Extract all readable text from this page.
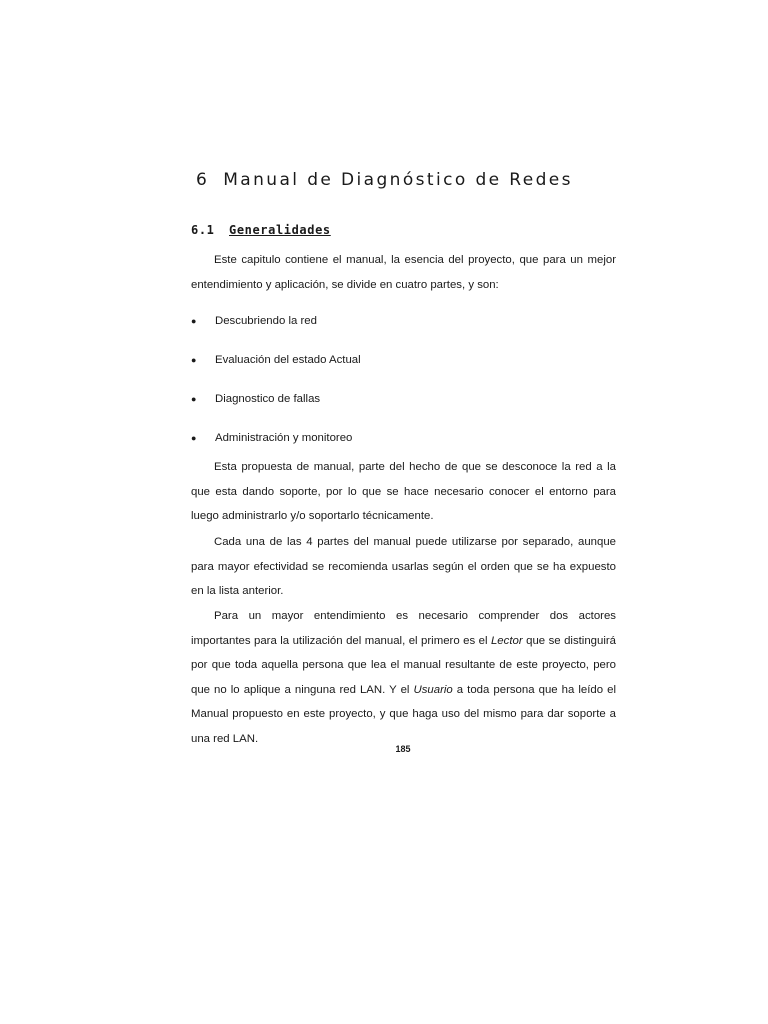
6 Manual de Diagnóstico de Redes
6.1 Generalidades

Este capitulo contiene el manual, la esencia del proyecto, que para un mejor entendimiento y aplicación, se divide en cuatro partes, y son:

● Descubriendo la red
● Evaluación del estado Actual
● Diagnostico de fallas
● Administración y monitoreo

Esta propuesta de manual, parte del hecho de que se desconoce la red a la que esta dando soporte, por lo que se hace necesario conocer el entorno para luego administrarlo y/o soportarlo técnicamente.

Cada una de las 4 partes del manual puede utilizarse por separado, aunque para mayor efectividad se recomienda usarlas según el orden que se ha expuesto en la lista anterior.

Para un mayor entendimiento es necesario comprender dos actores importantes para la utilización del manual, el primero es el Lector que se distinguirá por que toda aquella persona que lea el manual resultante de este proyecto, pero que no lo aplique a ninguna red LAN. Y el Usuario a toda persona que ha leído el Manual propuesto en este proyecto, y que haga uso del mismo para dar soporte a una red LAN.

185
